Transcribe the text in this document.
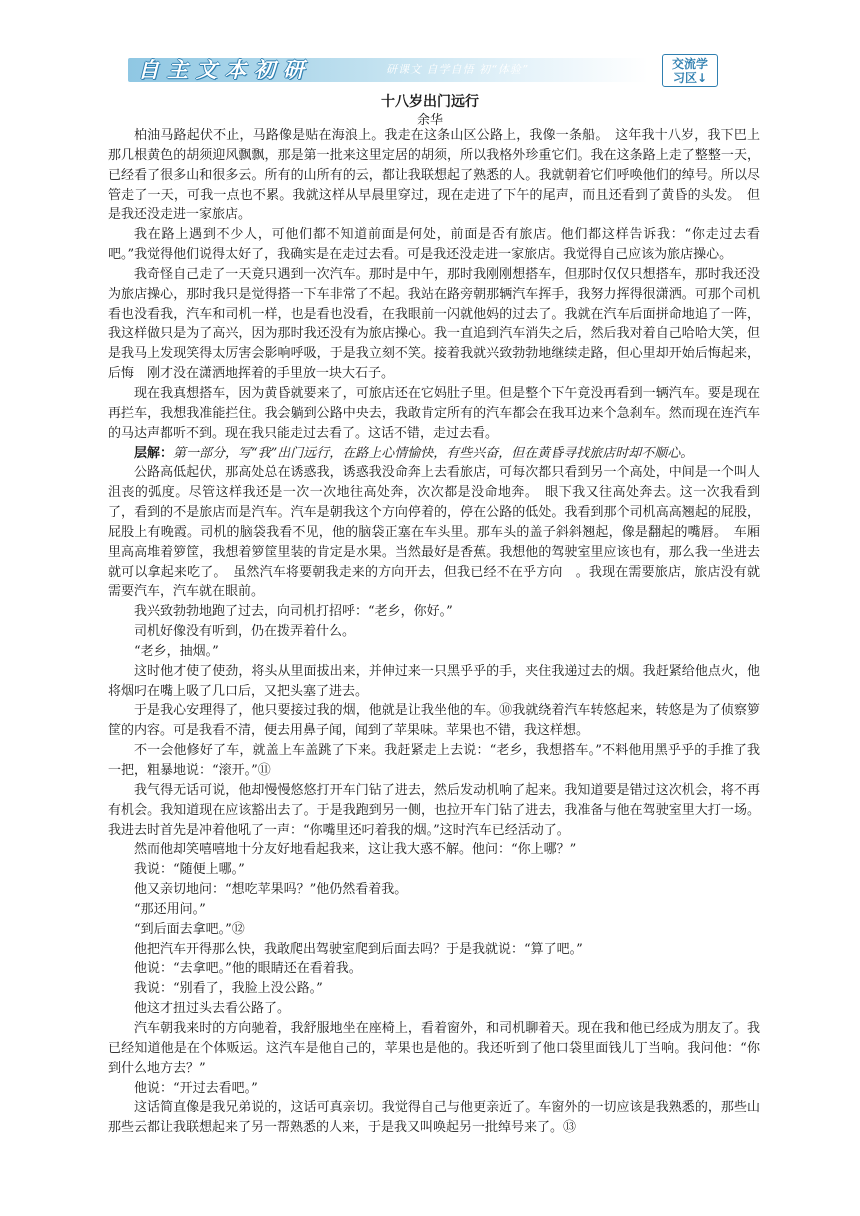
自主文本初研	研课文 自学自悟 初“体验”	交流学
习区↓
十八岁出门远行
余华

柏油马路起伏不止，马路像是贴在海浪上。我走在这条山区公路上，我像一条船。　这年我十八岁，我下巴上那几根黄色的胡须迎风飘飘，那是第一批来这里定居的胡须，所以我格外珍重它们。我在这条路上走了整整一天，已经看了很多山和很多云。所有的山所有的云，都让我联想起了熟悉的人。我就朝着它们呼唤他们的绰号。所以尽管走了一天，可我一点也不累。我就这样从早晨里穿过，现在走进了下午的尾声，而且还看到了黄昏的头发。　但是我还没走进一家旅店。

我在路上遇到不少人，可他们都不知道前面是何处，前面是否有旅店。他们都这样告诉我：“你走过去看吧。”我觉得他们说得太好了，我确实是在走过去看。可是我还没走进一家旅店。我觉得自己应该为旅店操心。

我奇怪自己走了一天竟只遇到一次汽车。那时是中午，那时我刚刚想搭车，但那时仅仅只想搭车，那时我还没为旅店操心，那时我只是觉得搭一下车非常了不起。我站在路旁朝那辆汽车挥手，我努力挥得很潇洒。可那个司机看也没看我，汽车和司机一样，也是看也没看，在我眼前一闪就他妈的过去了。我就在汽车后面拼命地追了一阵，我这样做只是为了高兴，因为那时我还没有为旅店操心。我一直追到汽车消失之后，然后我对着自己哈哈大笑，但是我马上发现笑得太厉害会影响呼吸，于是我立刻不笑。接着我就兴致勃勃地继续走路，但心里却开始后悔起来，后悔　刚才没在潇洒地挥着的手里放一块大石子。

现在我真想搭车，因为黄昏就要来了，可旅店还在它妈肚子里。但是整个下午竟没再看到一辆汽车。要是现在再拦车，我想我准能拦住。我会躺到公路中央去，我敢肯定所有的汽车都会在我耳边来个急刹车。然而现在连汽车的马达声都听不到。现在我只能走过去看了。这话不错，走过去看。

层解：第一部分，写“我”出门远行，在路上心情愉快，有些兴奋，但在黄昏寻找旅店时却不顺心。

公路高低起伏，那高处总在诱惑我，诱惑我没命奔上去看旅店，可每次都只看到另一个高处，中间是一个叫人沮丧的弧度。尽管这样我还是一次一次地往高处奔，次次都是没命地奔。　眼下我又往高处奔去。这一次我看到了，看到的不是旅店而是汽车。汽车是朝我这个方向停着的，停在公路的低处。我看到那个司机高高翘起的屁股，屁股上有晚霞。司机的脑袋我看不见，他的脑袋正塞在车头里。那车头的盖子斜斜翘起，像是翻起的嘴唇。　车厢里高高堆着箩筐，我想着箩筐里装的肯定是水果。当然最好是香蕉。我想他的驾驶室里应该也有，那么我一坐进去就可以拿起来吃了。　虽然汽车将要朝我走来的方向开去，但我已经不在乎方向　。我现在需要旅店，旅店没有就需要汽车，汽车就在眼前。

我兴致勃勃地跑了过去，向司机打招呼：“老乡，你好。”

司机好像没有听到，仍在拨弄着什么。

“老乡，抽烟。”

这时他才使了使劲，将头从里面拔出来，并伸过来一只黑乎乎的手，夹住我递过去的烟。我赶紧给他点火，他将烟叼在嘴上吸了几口后，又把头塞了进去。

于是我心安理得了，他只要接过我的烟，他就是让我坐他的车。⑩我就绕着汽车转悠起来，转悠是为了侦察箩筐的内容。可是我看不清，便去用鼻子闻，闻到了苹果味。苹果也不错，我这样想。

不一会他修好了车，就盖上车盖跳了下来。我赶紧走上去说：“老乡，我想搭车。”不料他用黑乎乎的手推了我一把，粗暴地说：“滚开。”⑪

我气得无话可说，他却慢慢悠悠打开车门钻了进去，然后发动机响了起来。我知道要是错过这次机会，将不再有机会。我知道现在应该豁出去了。于是我跑到另一侧，也拉开车门钻了进去，我准备与他在驾驶室里大打一场。我进去时首先是冲着他吼了一声：“你嘴里还叼着我的烟。”这时汽车已经活动了。

然而他却笑嘻嘻地十分友好地看起我来，这让我大惑不解。他问：“你上哪？”

我说：“随便上哪。”

他又亲切地问：“想吃苹果吗？”他仍然看着我。

“那还用问。”

“到后面去拿吧。”⑫

他把汽车开得那么快，我敢爬出驾驶室爬到后面去吗？于是我就说：“算了吧。”

他说：“去拿吧。”他的眼睛还在看着我。

我说：“别看了，我脸上没公路。”

他这才扭过头去看公路了。

汽车朝我来时的方向驰着，我舒服地坐在座椅上，看着窗外，和司机聊着天。现在我和他已经成为朋友了。我已经知道他是在个体贩运。这汽车是他自己的，苹果也是他的。我还听到了他口袋里面钱儿丁当响。我问他：“你到什么地方去？”

他说：“开过去看吧。”

这话简直像是我兄弟说的，这话可真亲切。我觉得自己与他更亲近了。车窗外的一切应该是我熟悉的，那些山那些云都让我联想起来了另一帮熟悉的人来，于是我又叫唤起另一批绰号来了。⑬
